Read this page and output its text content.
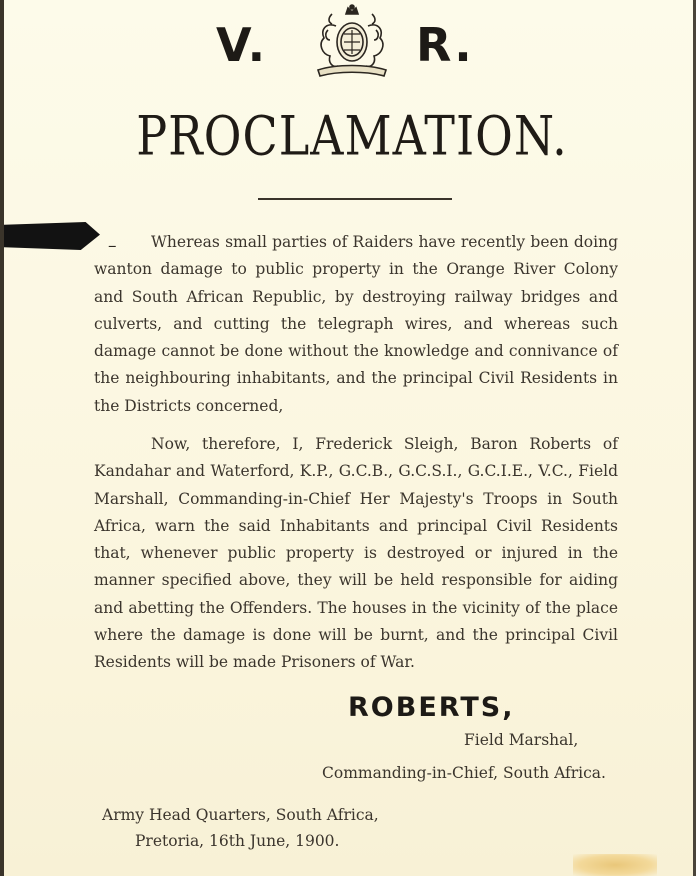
V.	R.
PROCLAMATION.
–	Whereas small parties of Raiders have recently been doing wanton damage to public property in the Orange River Colony and South African Republic, by destroying railway bridges and culverts, and cutting the telegraph wires, and whereas such damage cannot be done without the knowledge and connivance of the neighbouring inhabitants, and the principal Civil Residents in the Districts concerned,

Now, therefore, I, Frederick Sleigh, Baron Roberts of Kandahar and Waterford, K.P., G.C.B., G.C.S.I., G.C.I.E., V.C., Field Marshall, Commanding-in-Chief Her Majesty's Troops in South Africa, warn the said Inhabitants and principal Civil Residents that, whenever public property is destroyed or injured in the manner specified above, they will be held responsible for aiding and abetting the Offenders. The houses in the vicinity of the place where the damage is done will be burnt, and the principal Civil Residents will be made Prisoners of War.

ROBERTS,
Field Marshal,
Commanding-in-Chief, South Africa.
Army Head Quarters, South Africa,
Pretoria, 16th June, 1900.
